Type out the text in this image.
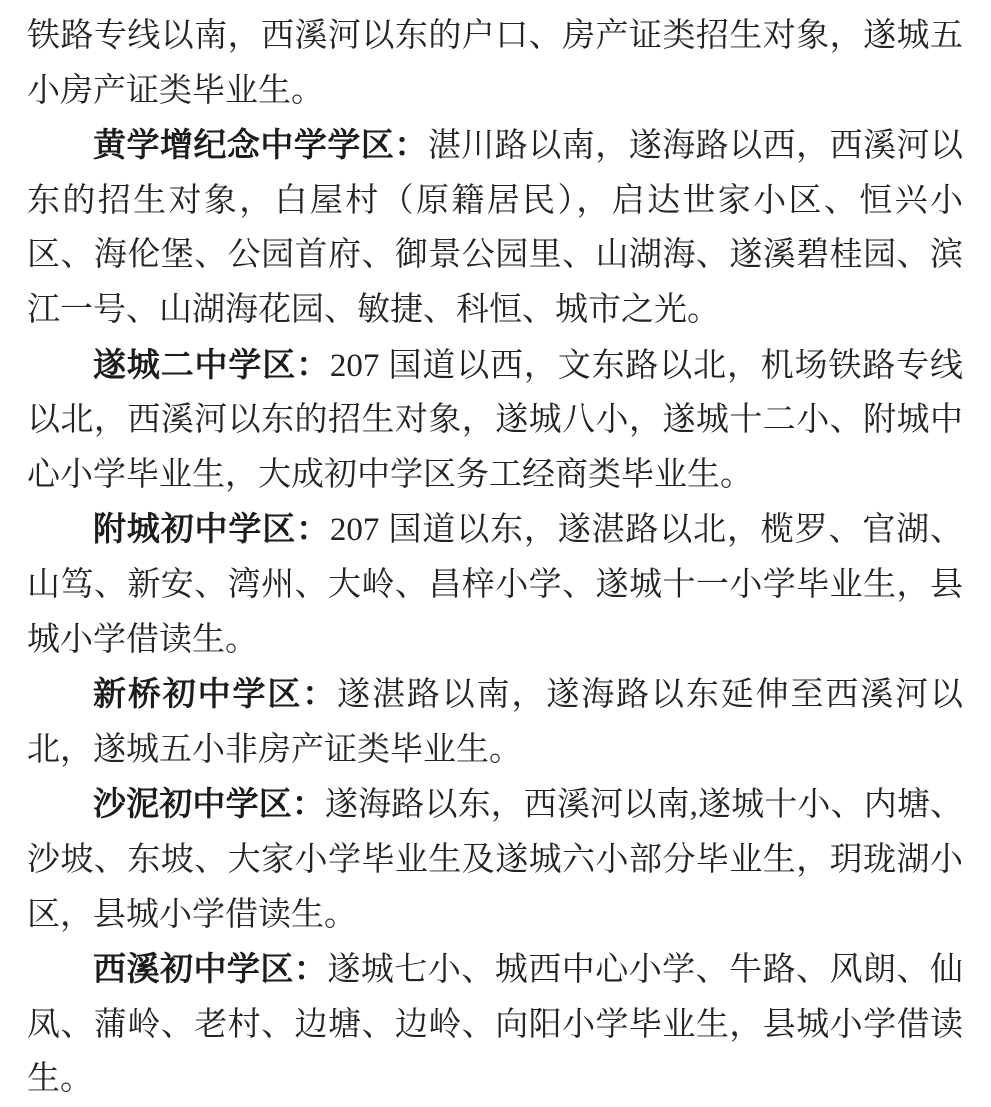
铁路专线以南，西溪河以东的户口、房产证类招生对象，遂城五小房产证类毕业生。

黄学增纪念中学学区：湛川路以南，遂海路以西，西溪河以东的招生对象，白屋村（原籍居民），启达世家小区、恒兴小区、海伦堡、公园首府、御景公园里、山湖海、遂溪碧桂园、滨江一号、山湖海花园、敏捷、科恒、城市之光。

遂城二中学区：207 国道以西，文东路以北，机场铁路专线以北，西溪河以东的招生对象，遂城八小，遂城十二小、附城中心小学毕业生，大成初中学区务工经商类毕业生。

附城初中学区：207 国道以东，遂湛路以北，榄罗、官湖、山笃、新安、湾州、大岭、昌梓小学、遂城十一小学毕业生，县城小学借读生。

新桥初中学区：遂湛路以南，遂海路以东延伸至西溪河以北，遂城五小非房产证类毕业生。

沙泥初中学区：遂海路以东，西溪河以南,遂城十小、内塘、沙坡、东坡、大家小学毕业生及遂城六小部分毕业生，玥珑湖小区，县城小学借读生。

西溪初中学区：遂城七小、城西中心小学、牛路、风朗、仙凤、蒲岭、老村、边塘、边岭、向阳小学毕业生，县城小学借读生。
